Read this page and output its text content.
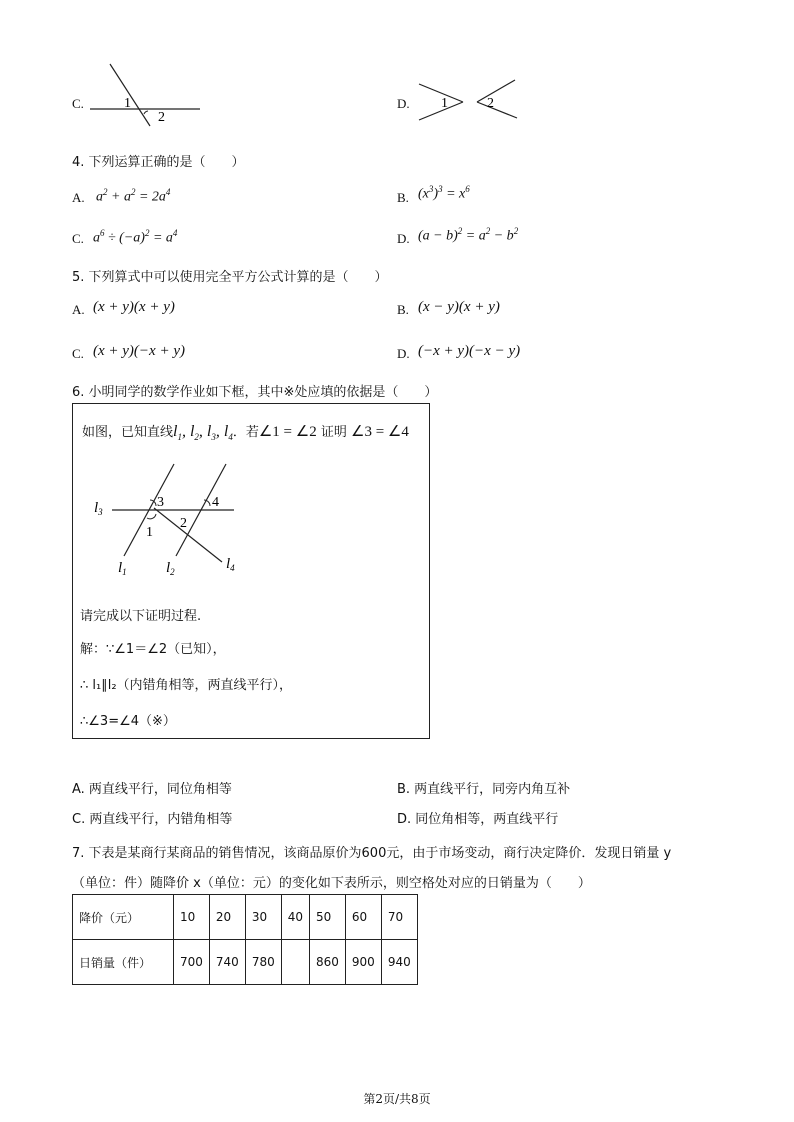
C.	1
2
D. 1	2
4. 下列运算正确的是（　　）
A. $a^2 + a^2 = 2a^4$	B. $(x^3)^3 = x^6$
C. $a^6 \div (-a)^2 = a^4$	D. $(a - b)^2 = a^2 - b^2$
5. 下列算式中可以使用完全平方公式计算的是（　　）
A. (x + y)(x + y)	B. (x − y)(x + y)
C. (x + y)(−x + y)	D. (−x + y)(−x − y)
6. 小明同学的数学作业如下框，其中※处应填的依据是（　　）
如图，已知直线$l_1$, $l_2$, $l_3$, $l_4$．若∠1 = ∠2 证明 ∠3 = ∠4
$l_3$
$l_1$	$l_2$	$l_4$
3	4
1
2
请完成以下证明过程.
解：∵∠1＝∠2（已知），
∴ l₁∥l₂（内错角相等，两直线平行），
∴∠3=∠4（※）
A. 两直线平行，同位角相等	B. 两直线平行，同旁内角互补
C. 两直线平行，内错角相等	D. 同位角相等，两直线平行
7. 下表是某商行某商品的销售情况，该商品原价为600元，由于市场变动，商行决定降价．发现日销量 y
（单位：件）随降价 x（单位：元）的变化如下表所示，则空格处对应的日销量为（　　）
降价（元）	10	20	30	40	50	60	70
日销量（件）	700	740	780		860	900	940
第2页/共8页
